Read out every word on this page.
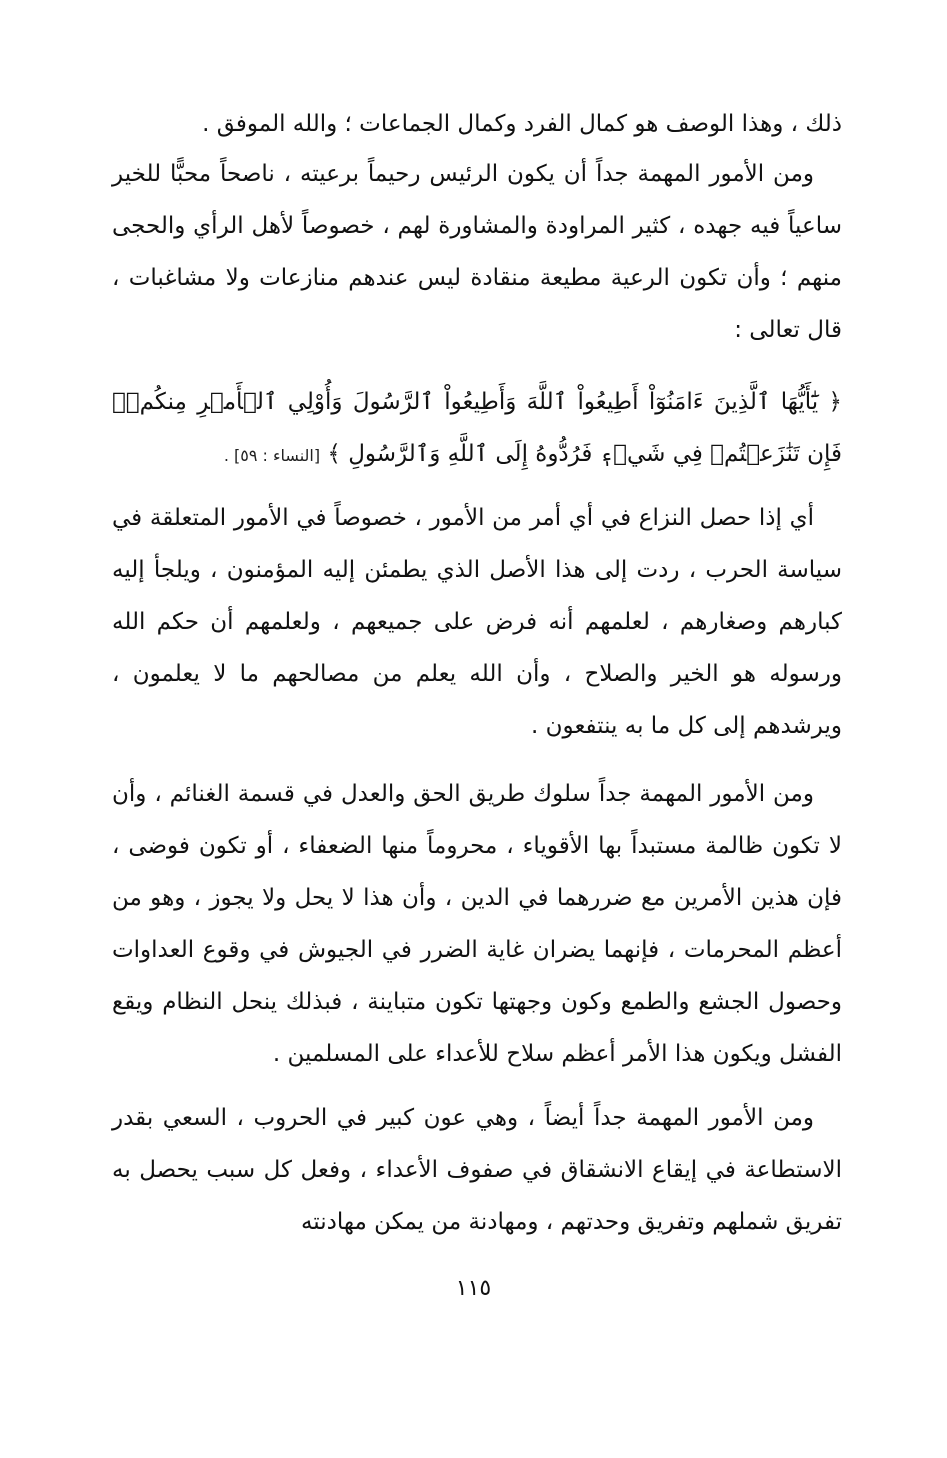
ذلك ، وهذا الوصف هو كمال الفرد وكمال الجماعات ؛ والله الموفق .
ومن الأمور المهمة جداً أن يكون الرئيس رحيماً برعيته ، ناصحاً محبًّا للخير ساعياً فيه جهده ، كثير المراودة والمشاورة لهم ، خصوصاً لأهل الرأي والحجى منهم ؛ وأن تكون الرعية مطيعة منقادة ليس عندهم منازعات ولا مشاغبات ، قال تعالى :
﴿ يَٰٓأَيُّهَا ٱلَّذِينَ ءَامَنُوٓاْ أَطِيعُواْ ٱللَّهَ وَأَطِيعُواْ ٱلرَّسُولَ وَأُوْلِي ٱلۡأَمۡرِ مِنكُمۡۖ فَإِن تَنَٰزَعۡتُمۡ فِي شَيۡءٖ فَرُدُّوهُ إِلَى ٱللَّهِ وَٱلرَّسُولِ ﴾ [النساء : ٥٩] .
أي إذا حصل النزاع في أي أمر من الأمور ، خصوصاً في الأمور المتعلقة في سياسة الحرب ، ردت إلى هذا الأصل الذي يطمئن إليه المؤمنون ، ويلجأ إليه كبارهم وصغارهم ، لعلمهم أنه فرض على جميعهم ، ولعلمهم أن حكم الله ورسوله هو الخير والصلاح ، وأن الله يعلم من مصالحهم ما لا يعلمون ، ويرشدهم إلى كل ما به ينتفعون .
ومن الأمور المهمة جداً سلوك طريق الحق والعدل في قسمة الغنائم ، وأن لا تكون ظالمة مستبداً بها الأقوياء ، محروماً منها الضعفاء ، أو تكون فوضى ، فإن هذين الأمرين مع ضررهما في الدين ، وأن هذا لا يحل ولا يجوز ، وهو من أعظم المحرمات ، فإنهما يضران غاية الضرر في الجيوش في وقوع العداوات وحصول الجشع والطمع وكون وجهتها تكون متباينة ، فبذلك ينحل النظام ويقع الفشل ويكون هذا الأمر أعظم سلاح للأعداء على المسلمين .
ومن الأمور المهمة جداً أيضاً ، وهي عون كبير في الحروب ، السعي بقدر الاستطاعة في إيقاع الانشقاق في صفوف الأعداء ، وفعل كل سبب يحصل به تفريق شملهم وتفريق وحدتهم ، ومهادنة من يمكن مهادنته
١١٥
